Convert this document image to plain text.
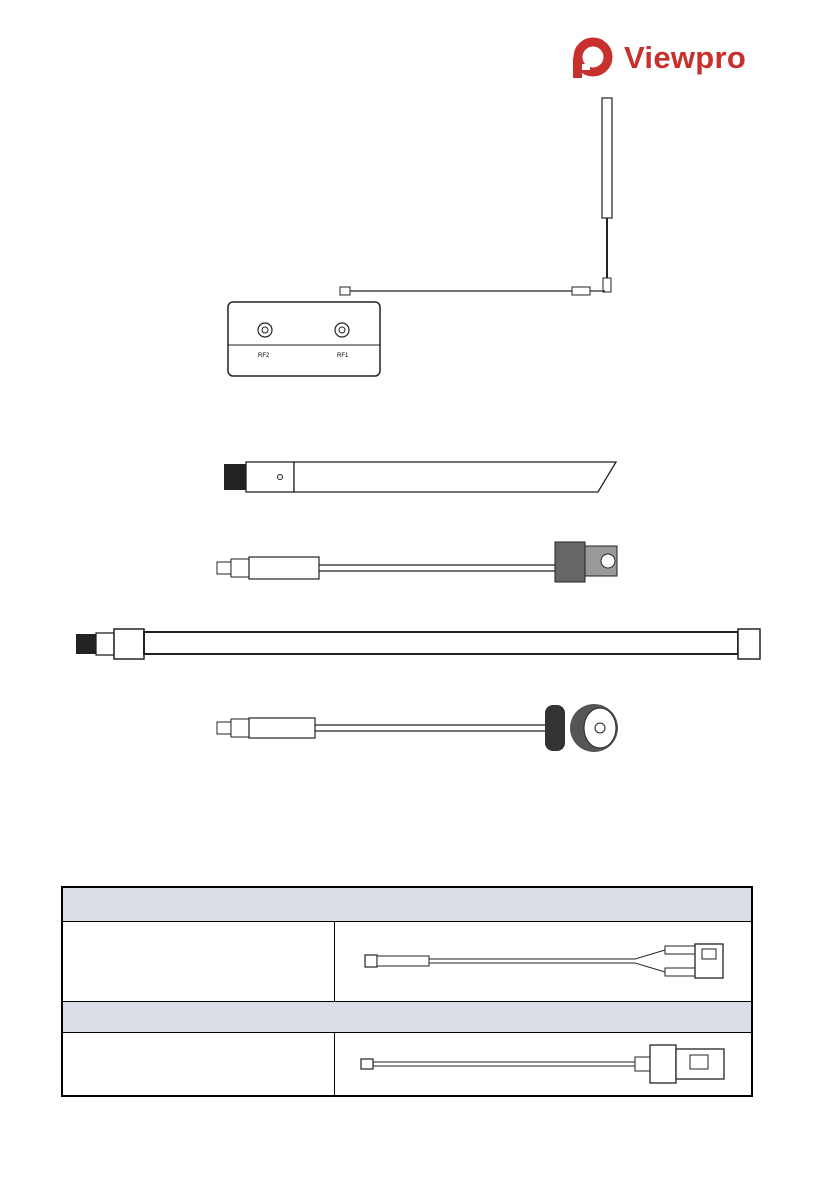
Viewpro
RF2	RF1
